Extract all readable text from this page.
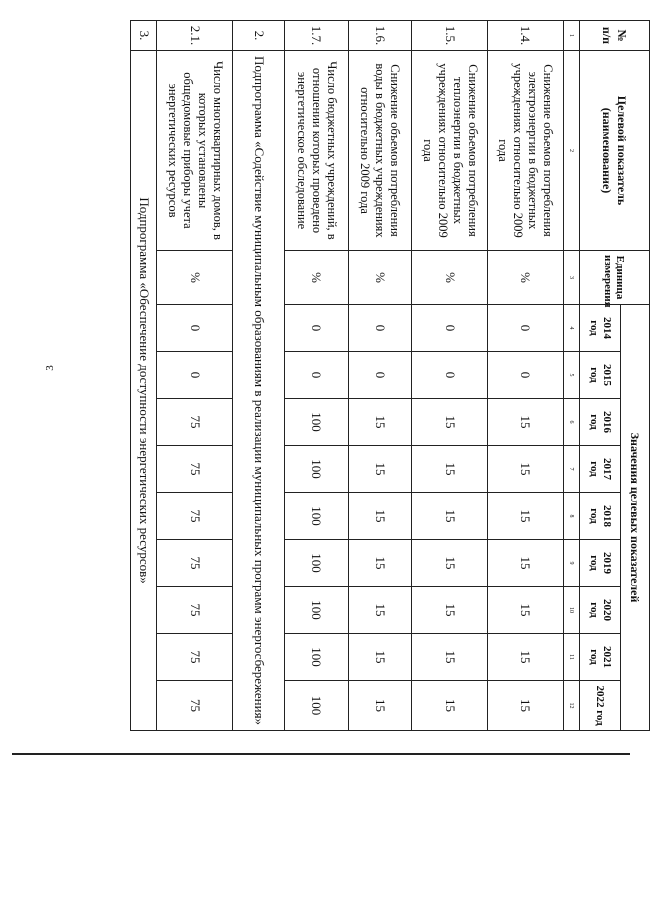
3
№ п/п	Целевой показатель (наименование)	Единица измерения	Значения целевых показателей								
			2014 год	2015 год	2016 год	2017 год	2018 год	2019 год	2020 год	2021 год	2022 год
1	2	3	4	5	6	7	8	9	10	11	12
1.4.	Снижение объемов потребления электроэнергии в бюджетных учреждениях относительно 2009 года	%	0	0	15	15	15	15	15	15	15
1.5.	Снижение объемов потребления теплоэнергии в бюджетных учреждениях относительно 2009 года	%	0	0	15	15	15	15	15	15	15
1.6.	Снижение объемов потребления воды в бюджетных учреждениях относительно 2009 года	%	0	0	15	15	15	15	15	15	15
1.7.	Число бюджетных учреждений, в отношении которых проведено энергетическое обследование	%	0	0	100	100	100	100	100	100	100
2.	Подпрограмма «Содействие муниципальным образованиям в реализации муниципальных программ энергосбережения»										
2.1.	Число многоквартирных домов, в которых установлены общедомовые приборы учета энергетических ресурсов	%	0	0	75	75	75	75	75	75	75
3.	Подпрограмма «Обеспечение доступности энергетических ресурсов»										
